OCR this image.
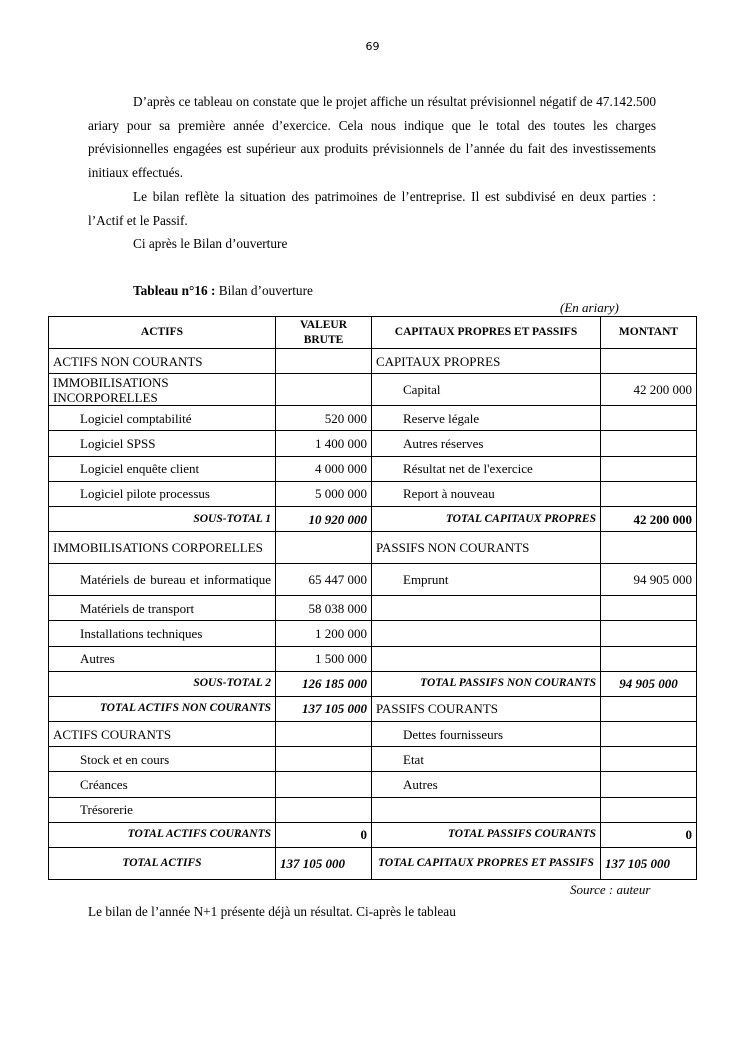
69
D’après ce tableau on constate que le projet affiche un résultat prévisionnel négatif de 47.142.500 ariary pour sa première année d’exercice. Cela nous indique que le total des toutes les charges prévisionnelles engagées est supérieur aux produits prévisionnels de l’année du fait des investissements initiaux effectués.
Le bilan reflète la situation des patrimoines de l’entreprise. Il est subdivisé en deux parties : l’Actif et le Passif.
Ci après le Bilan d’ouverture
Tableau n°16 : Bilan d’ouverture
(En ariary)
ACTIFS	VALEUR BRUTE	CAPITAUX PROPRES ET PASSIFS	MONTANT
ACTIFS NON COURANTS		CAPITAUX PROPRES	
IMMOBILISATIONS INCORPORELLES		Capital	42 200 000
Logiciel comptabilité	520 000	Reserve légale	
Logiciel SPSS	1 400 000	Autres réserves	
Logiciel enquête client	4 000 000	Résultat net de l'exercice	
Logiciel pilote processus	5 000 000	Report à nouveau	
SOUS-TOTAL 1	10 920 000	TOTAL CAPITAUX PROPRES	42 200 000
IMMOBILISATIONS CORPORELLES		PASSIFS NON COURANTS	
Matériels de bureau et informatique	65 447 000	Emprunt	94 905 000
Matériels de transport	58 038 000		
Installations techniques	1 200 000		
Autres	1 500 000		
SOUS-TOTAL 2	126 185 000	TOTAL PASSIFS NON COURANTS	94 905 000
TOTAL ACTIFS NON COURANTS	137 105 000	PASSIFS COURANTS	
ACTIFS COURANTS		Dettes fournisseurs	
Stock et en cours		Etat	
Créances		Autres	
Trésorerie			
TOTAL ACTIFS COURANTS	0	TOTAL PASSIFS COURANTS	0
TOTAL ACTIFS	137 105 000	TOTAL CAPITAUX PROPRES ET PASSIFS	137 105 000
Source : auteur
Le bilan de l’année N+1 présente déjà un résultat. Ci-après le tableau
